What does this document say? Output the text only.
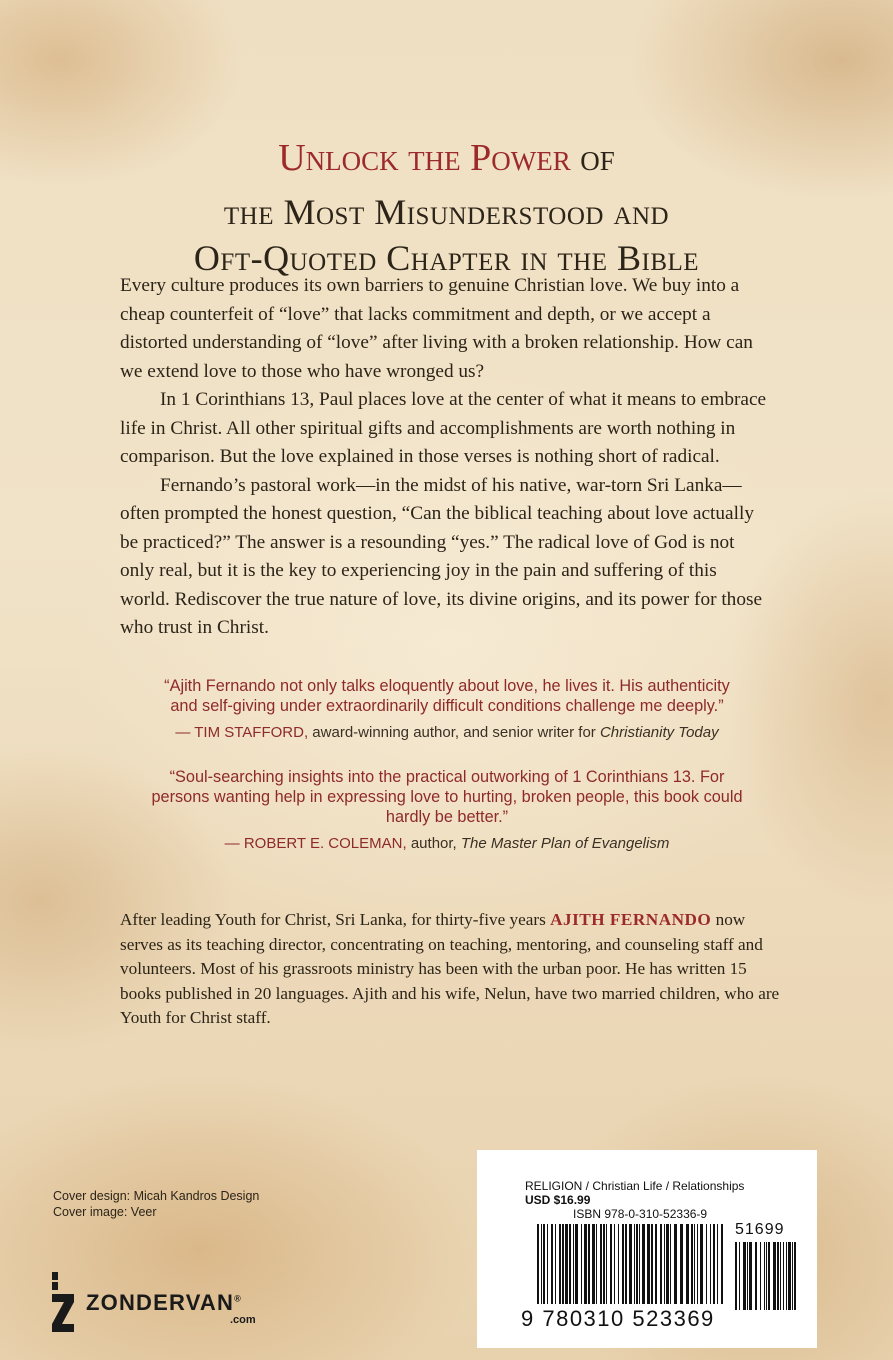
Unlock the Power of
the Most Misunderstood and
Oft-Quoted Chapter in the Bible

Every culture produces its own barriers to genuine Christian love. We buy into a cheap counterfeit of “love” that lacks commitment and depth, or we accept a distorted understanding of “love” after living with a broken relationship. How can we extend love to those who have wronged us?

In 1 Corinthians 13, Paul places love at the center of what it means to embrace life in Christ. All other spiritual gifts and accomplishments are worth nothing in comparison. But the love explained in those verses is nothing short of radical.

Fernando’s pastoral work—in the midst of his native, war-torn Sri Lanka—often prompted the honest question, “Can the biblical teaching about love actually be practiced?” The answer is a resounding “yes.” The radical love of God is not only real, but it is the key to experiencing joy in the pain and suffering of this world. Rediscover the true nature of love, its divine origins, and its power for those who trust in Christ.

“Ajith Fernando not only talks eloquently about love, he lives it. His authenticity and self-giving under extraordinarily difficult conditions challenge me deeply.”

— TIM STAFFORD, award-winning author, and senior writer for Christianity Today

“Soul-searching insights into the practical outworking of 1 Corinthians 13. For persons wanting help in expressing love to hurting, broken people, this book could hardly be better.”

— ROBERT E. COLEMAN, author, The Master Plan of Evangelism

After leading Youth for Christ, Sri Lanka, for thirty-five years AJITH FERNANDO now serves as its teaching director, concentrating on teaching, mentoring, and counseling staff and volunteers. Most of his grassroots ministry has been with the urban poor. He has written 15 books published in 20 languages. Ajith and his wife, Nelun, have two married children, who are Youth for Christ staff.
Cover design: Micah Kandros Design
Cover image: Veer
ZONDERVAN®
.com
RELIGION / Christian Life / Relationships
USD $16.99
ISBN 978-0-310-52336-9
51699
9 780310 523369
